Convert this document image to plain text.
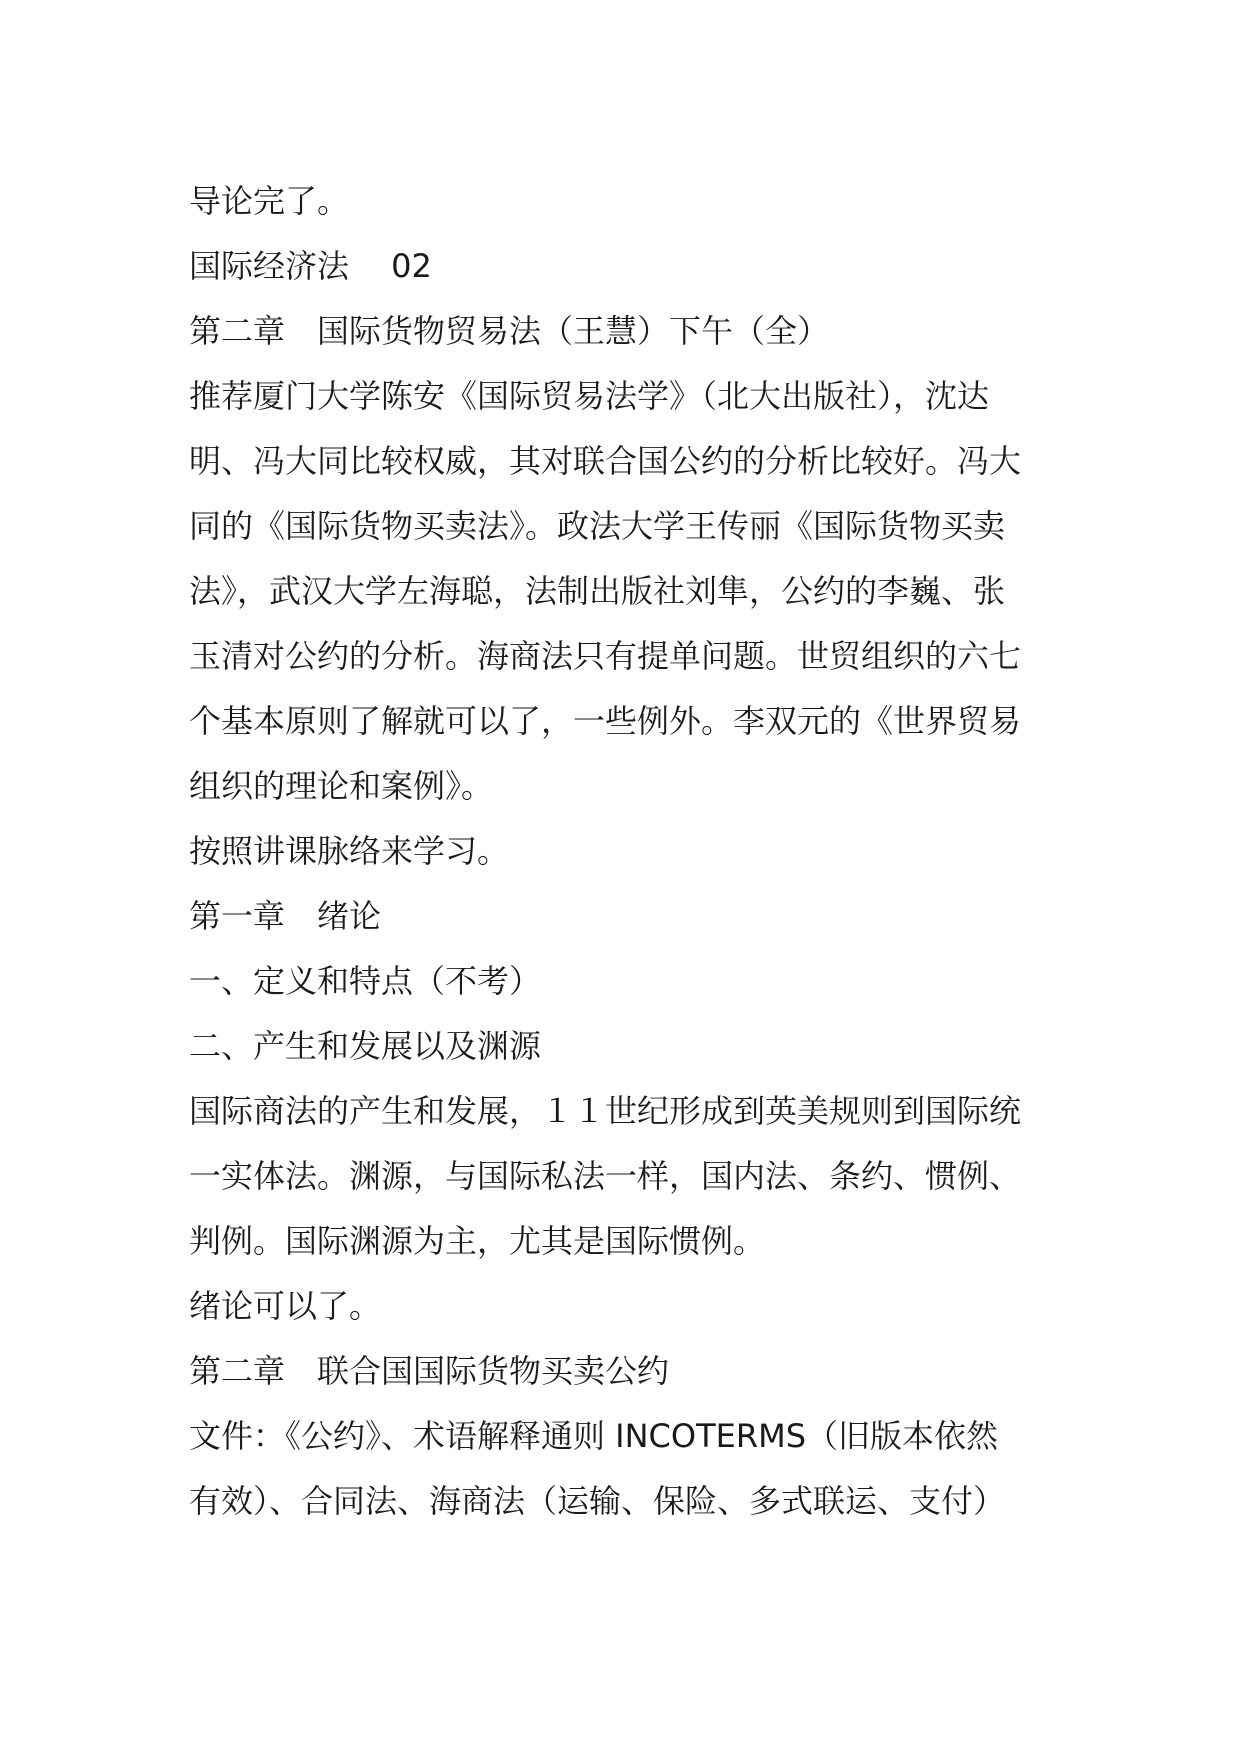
导论完了。
国际经济法　 02
第二章　国际货物贸易法（王慧）下午（全）
推荐厦门大学陈安《国际贸易法学》（北大出版社），沈达
明、冯大同比较权威，其对联合国公约的分析比较好。冯大
同的《国际货物买卖法》。政法大学王传丽《国际货物买卖
法》，武汉大学左海聪，法制出版社刘隼，公约的李巍、张
玉清对公约的分析。海商法只有提单问题。世贸组织的六七
个基本原则了解就可以了，一些例外。李双元的《世界贸易
组织的理论和案例》。
按照讲课脉络来学习。
第一章　绪论
一、定义和特点（不考）
二、产生和发展以及渊源
国际商法的产生和发展，１１世纪形成到英美规则到国际统
一实体法。渊源，与国际私法一样，国内法、条约、惯例、
判例。国际渊源为主，尤其是国际惯例。
绪论可以了。
第二章　联合国国际货物买卖公约
文件：《公约》、术语解释通则 INCOTERMS（旧版本依然
有效）、合同法、海商法（运输、保险、多式联运、支付）
